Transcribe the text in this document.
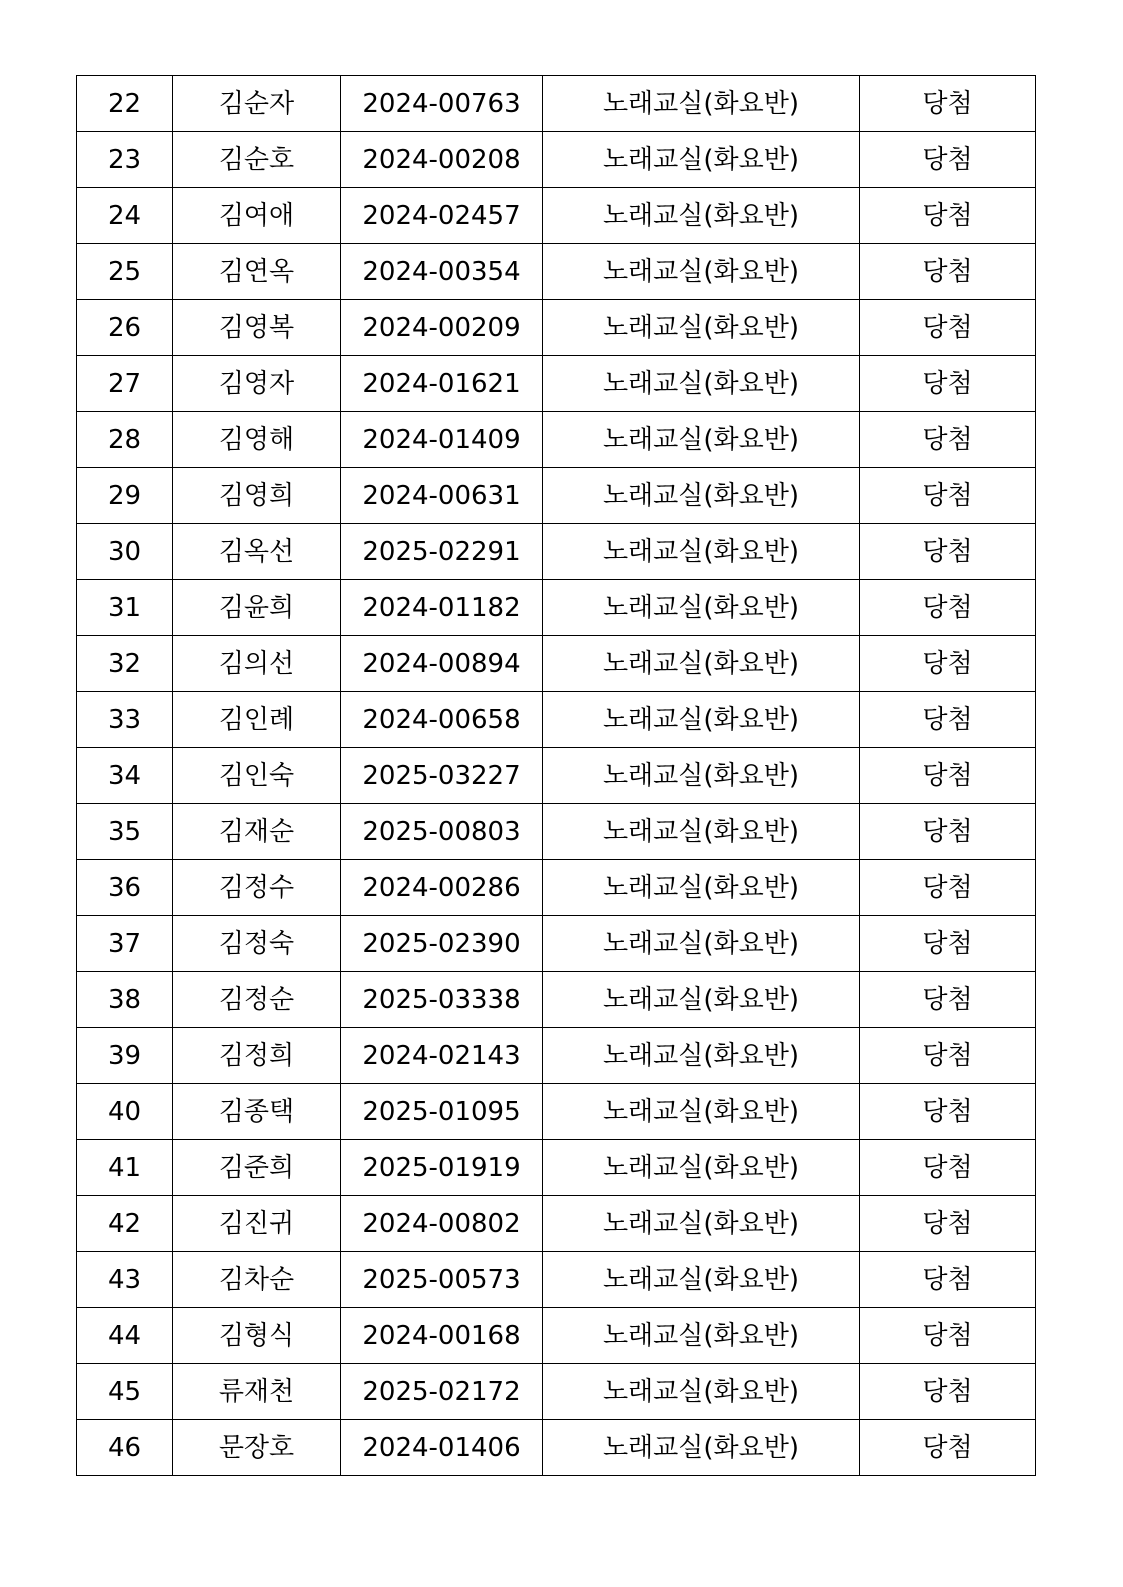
22	김순자	2024-00763	노래교실(화요반)	당첨
23	김순호	2024-00208	노래교실(화요반)	당첨
24	김여애	2024-02457	노래교실(화요반)	당첨
25	김연옥	2024-00354	노래교실(화요반)	당첨
26	김영복	2024-00209	노래교실(화요반)	당첨
27	김영자	2024-01621	노래교실(화요반)	당첨
28	김영해	2024-01409	노래교실(화요반)	당첨
29	김영희	2024-00631	노래교실(화요반)	당첨
30	김옥선	2025-02291	노래교실(화요반)	당첨
31	김윤희	2024-01182	노래교실(화요반)	당첨
32	김의선	2024-00894	노래교실(화요반)	당첨
33	김인례	2024-00658	노래교실(화요반)	당첨
34	김인숙	2025-03227	노래교실(화요반)	당첨
35	김재순	2025-00803	노래교실(화요반)	당첨
36	김정수	2024-00286	노래교실(화요반)	당첨
37	김정숙	2025-02390	노래교실(화요반)	당첨
38	김정순	2025-03338	노래교실(화요반)	당첨
39	김정희	2024-02143	노래교실(화요반)	당첨
40	김종택	2025-01095	노래교실(화요반)	당첨
41	김준희	2025-01919	노래교실(화요반)	당첨
42	김진귀	2024-00802	노래교실(화요반)	당첨
43	김차순	2025-00573	노래교실(화요반)	당첨
44	김형식	2024-00168	노래교실(화요반)	당첨
45	류재천	2025-02172	노래교실(화요반)	당첨
46	문장호	2024-01406	노래교실(화요반)	당첨
